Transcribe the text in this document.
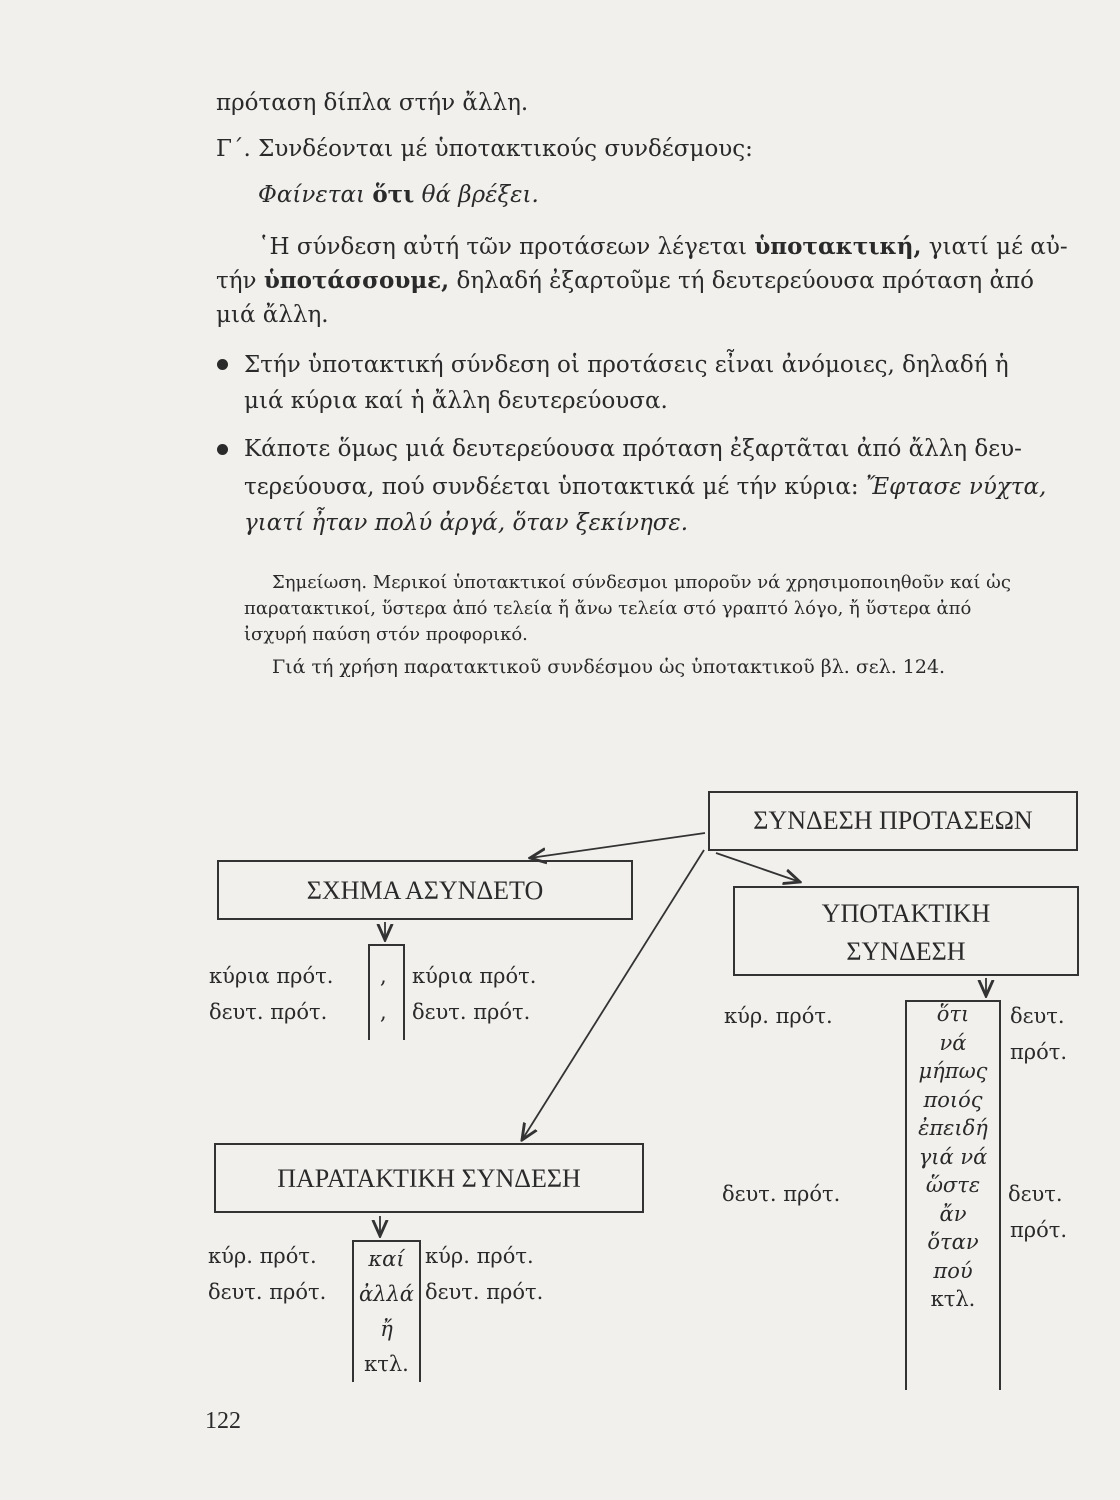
πρόταση δίπλα στήν ἄλλη.
Γ΄. Συνδέονται μέ ὑποτακτικούς συνδέσμους:
Φαίνεται ὅτι θά βρέξει.
῾Η σύνδεση αὐτή τῶν προτάσεων λέγεται ὑποτακτική, γιατί μέ αὐ-
τήν ὑποτάσσουμε, δηλαδή ἐξαρτοῦμε τή δευτερεύουσα πρόταση ἀπό
μιά ἄλλη.
Στήν ὑποτακτική σύνδεση οἱ προτάσεις εἶναι ἀνόμοιες, δηλαδή ἡ
μιά κύρια καί ἡ ἄλλη δευτερεύουσα.
Κάποτε ὅμως μιά δευτερεύουσα πρόταση ἐξαρτᾶται ἀπό ἄλλη δευ-
τερεύουσα, πού συνδέεται ὑποτακτικά μέ τήν κύρια: Ἔφτασε νύχτα,
γιατί ἦταν πολύ ἀργά, ὅταν ξεκίνησε.
Σημείωση. Μερικοί ὑποτακτικοί σύνδεσμοι μποροῦν νά χρησιμοποιηθοῦν καί ὡς
παρατακτικοί, ὕστερα ἀπό τελεία ἤ ἄνω τελεία στό γραπτό λόγο, ἤ ὕστερα ἀπό
ἰσχυρή παύση στόν προφορικό.
Γιά τή χρήση παρατακτικοῦ συνδέσμου ὡς ὑποτακτικοῦ βλ. σελ. 124.
ΣΥΝΔΕΣΗ ΠΡΟΤΑΣΕΩΝ
ΣΧΗΜΑ ΑΣΥΝΔΕΤΟ
ΥΠΟΤΑΚΤΙΚΗ
ΣΥΝΔΕΣΗ
ΠΑΡΑΤΑΚΤΙΚΗ ΣΥΝΔΕΣΗ
κύρια πρότ.
δευτ. πρότ.
,
,
κύρια πρότ.
δευτ. πρότ.	κύρ. πρότ.
δευτ. πρότ.
ὅτι
νά
μήπως
ποιός
ἐπειδή
γιά νά
ὥστε
ἄν
ὅταν
πού
κτλ.
δευτ.
πρότ.
δευτ.
πρότ.
κύρ. πρότ.
δευτ. πρότ.
καί
ἀλλά
ἤ
κτλ.
κύρ. πρότ.
δευτ. πρότ.
122
